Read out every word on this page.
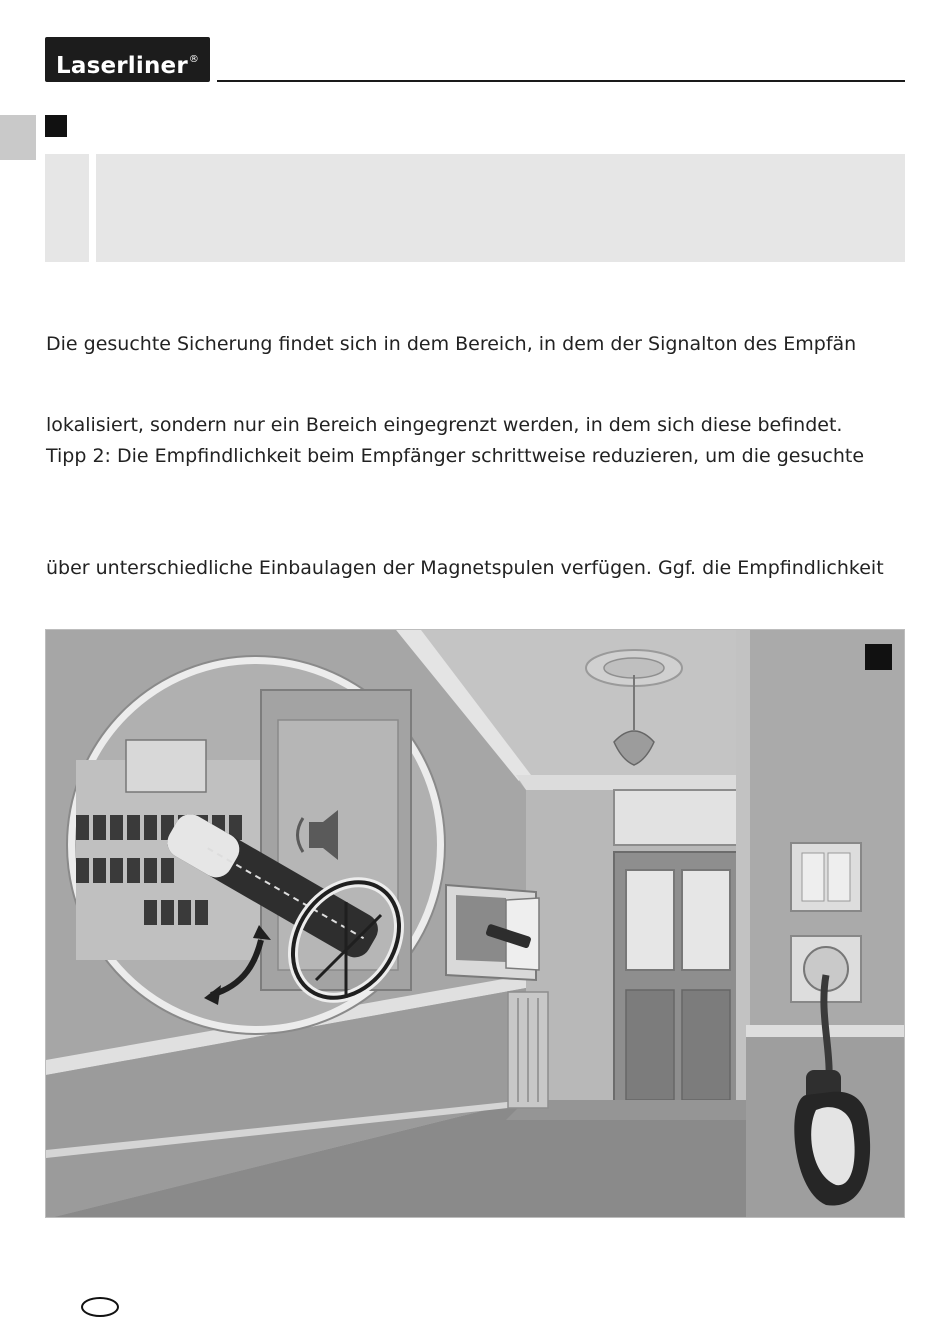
Laserliner®
Die gesuchte Sicherung findet sich in dem Bereich, in dem der Signalton des Empfän
lokalisiert, sondern nur ein Bereich eingegrenzt werden, in dem sich diese befindet.
Tipp 2: Die Empfindlichkeit beim Empfänger schrittweise reduzieren, um die gesuchte
über unterschiedliche Einbaulagen der Magnetspulen verfügen. Ggf. die Empfindlichkeit
